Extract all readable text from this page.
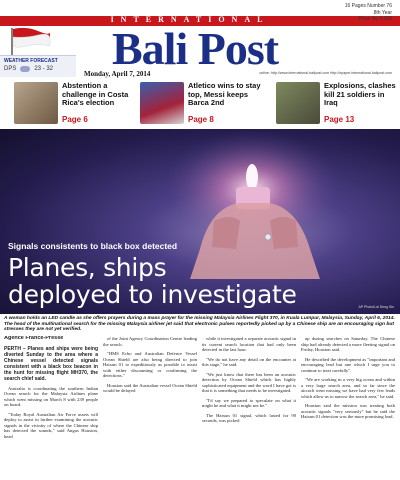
INTERNATIONAL
Bali Post
16 Pages Number 76
8th Year
Price Rp 3,000
WEATHER FORECAST
DPS	23 - 32
Monday, April 7, 2014	online: http://www.international.balipost.com http://epaper.international.balipost.com
Abstention a challenge in Costa Rica's election
Page 6
Atletico wins to stay top, Messi keeps Barca 2nd
Page 8
Explosions, clashes kill 21 soldiers in Iraq
Page 13
Signals consistents to black box detected
Planes, ships
deployed to investigate	AP Photo/Lai Seng Sin
A woman holds an LED candle as she offers prayers during a mass prayer for the missing Malaysia Airlines Flight 370, in Kuala Lumpur, Malaysia, Sunday, April 6, 2014. The head of the multinational search for the missing Malaysia airliner jet said that electronic pulses reportedly picked up by a Chinese ship are an encouraging sign but stresses they are not yet verified.
Agence France-Presse
PERTH – Planes and ships were being diverted Sunday to the area where a Chinese vessel detected signals consistent with a black box beacon in the hunt for missing flight MH370, the search chief said.

Australia is coordinating the southern Indian Ocean search for the Malaysia Airlines plane which went missing on March 8 with 239 people on board.

"Today Royal Australian Air Force assets will deploy to assist in further examining the acoustic signals in the vicinity of where the Chinese ship has detected the sounds," said Angus Houston, head

of the Joint Agency Coordination Centre leading the search.

"HMS Echo and Australian Defence Vessel Ocean Shield are also being directed to join Haixun 01 to expeditiously as possible to assist with either discounting or confirming the detections."

Houston said the Australian vessel Ocean Shield would be delayed

while it investigated a separate acoustic signal in its current search location that had only been detected in the last hour.

"We do not have any detail on the encounter at this stage," he said.

"We just know that there has been an acoustic detection by Ocean Shield which has highly sophisticated equipment and the word I have got is that it is something that needs to be investigated.

"I'd say we prepared to speculate on what it might be and what it might not be."

The Haixun 01 signal, which lasted for 90 seconds, was picked

up during searches on Saturday. The Chinese ship had already detected a more fleeting signal on Friday, Houston said.

He described the development as "important and encouraging lead but one which I urge you to continue to treat carefully".

"We are working in a very big ocean and within a very large search area, and so far since the aircraft went missing we have had very few leads which allow us to narrow the search area," he said.

Houston said the mission was treating both acoustic signals "very seriously" but he said the Haixun 01 detection was the more promising lead.
